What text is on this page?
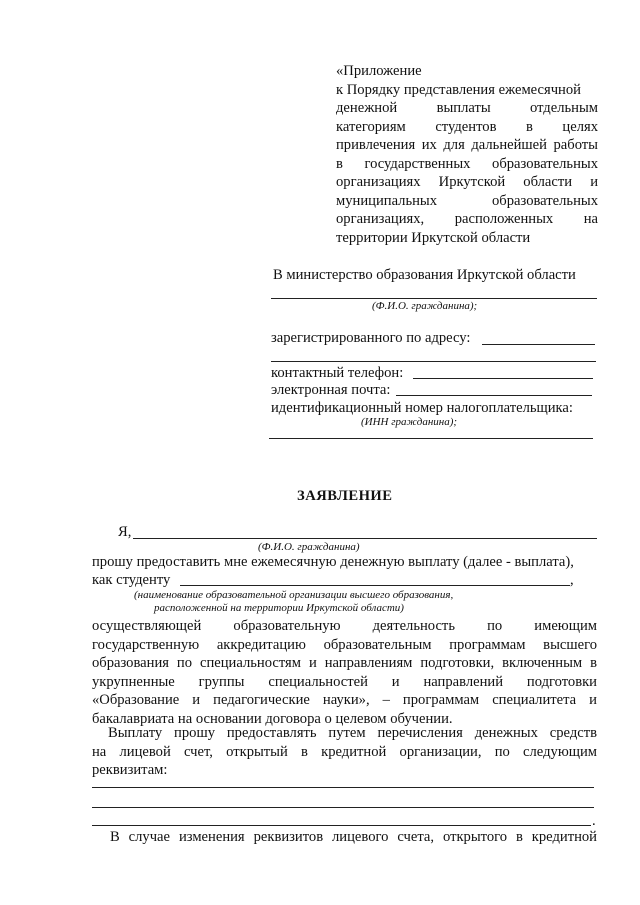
«Приложение
к Порядку представления ежемесячной
денежной выплаты отдельным
категориям студентов в целях
привлечения их для дальнейшей работы
в государственных образовательных
организациях Иркутской области и
муниципальных образовательных
организациях, расположенных на
территории Иркутской области
В министерство образования Иркутской области
(Ф.И.О. гражданина);
зарегистрированного по адресу:
контактный телефон:
электронная почта:
идентификационный номер налогоплательщика:
(ИНН гражданина);
ЗАЯВЛЕНИЕ
Я,
(Ф.И.О. гражданина)
прошу предоставить мне ежемесячную денежную выплату (далее - выплата),
как студенту	,
(наименование образовательной организации высшего образования,
расположенной на территории Иркутской области)
осуществляющей образовательную деятельность по имеющим
государственную аккредитацию образовательным программам высшего
образования по специальностям и направлениям подготовки, включенным в
укрупненные группы специальностей и направлений подготовки
«Образование и педагогические науки», – программам специалитета и
бакалавриата на основании договора о целевом обучении.
Выплату прошу предоставлять путем перечисления денежных средств
на лицевой счет, открытый в кредитной организации, по следующим
реквизитам:
.
В случае изменения реквизитов лицевого счета, открытого в кредитной
